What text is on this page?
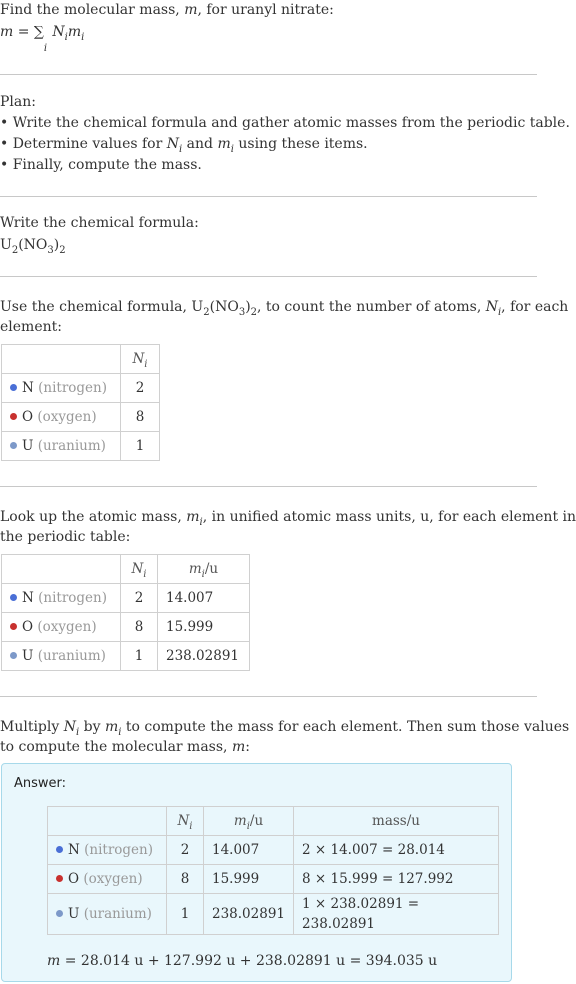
Find the molecular mass, m, for uranyl nitrate:
m = ∑
i
$N_im_i$
Plan:
• Write the chemical formula and gather atomic masses from the periodic table.
• Determine values for $N_i$ and $m_i$ using these items.
• Finally, compute the mass.
Write the chemical formula:
$U_2(NO_3)_2$
Use the chemical formula, $U_2(NO_3)_2$, to count the number of atoms, $N_i$, for each
element:
	$N_i$
N (nitrogen)	2
O (oxygen)	8
U (uranium)	1
Look up the atomic mass, $m_i$, in unified atomic mass units, u, for each element in
the periodic table:
	$N_i$	$m_i/u$
N (nitrogen)	2	14.007
O (oxygen)	8	15.999
U (uranium)	1	238.02891
Multiply $N_i$ by $m_i$ to compute the mass for each element. Then sum those values
to compute the molecular mass, m:
Answer:
	$N_i$	$m_i/u$	mass/u
N (nitrogen)	2	14.007	2 × 14.007 = 28.014
O (oxygen)	8	15.999	8 × 15.999 = 127.992
U (uranium)	1	238.02891	1 × 238.02891 = 238.02891
m = 28.014 u + 127.992 u + 238.02891 u = 394.035 u
